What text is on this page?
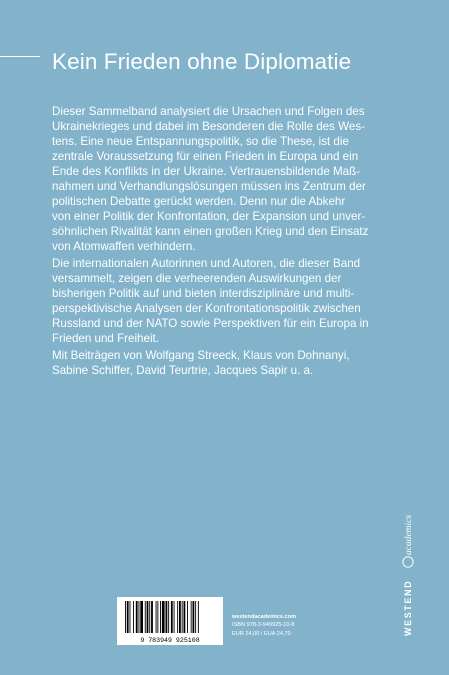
Kein Frieden ohne Diplomatie

Dieser Sammelband analysiert die Ursachen und Folgen des

Ukrainekrieges und dabei im Besonderen die Rolle des Wes-

tens. Eine neue Entspannungspolitik, so die These, ist die

zentrale Voraussetzung für einen Frieden in Europa und ein

Ende des Konflikts in der Ukraine. Vertrauensbildende Maß-

nahmen und Verhandlungslösungen müssen ins Zentrum der

politischen Debatte gerückt werden. Denn nur die Abkehr

von einer Politik der Konfrontation, der Expansion und unver-

söhnlichen Rivalität kann einen großen Krieg und den Einsatz

von Atomwaffen verhindern.

Die internationalen Autorinnen und Autoren, die dieser Band

versammelt, zeigen die verheerenden Auswirkungen der

bisherigen Politik auf und bieten interdisziplinäre und multi-

perspektivische Analysen der Konfrontationspolitik zwischen

Russland und der NATO sowie Perspektiven für ein Europa in

Frieden und Freiheit.

Mit Beiträgen von Wolfgang Streeck, Klaus von Dohnanyi,

Sabine Schiffer, David Teurtrie, Jacques Sapir u. a.

WESTEND
academics
9 783949 925108
westendacademics.com
ISBN 978-3-949925-10-8
EUR 24,00 / EUA 24,70
